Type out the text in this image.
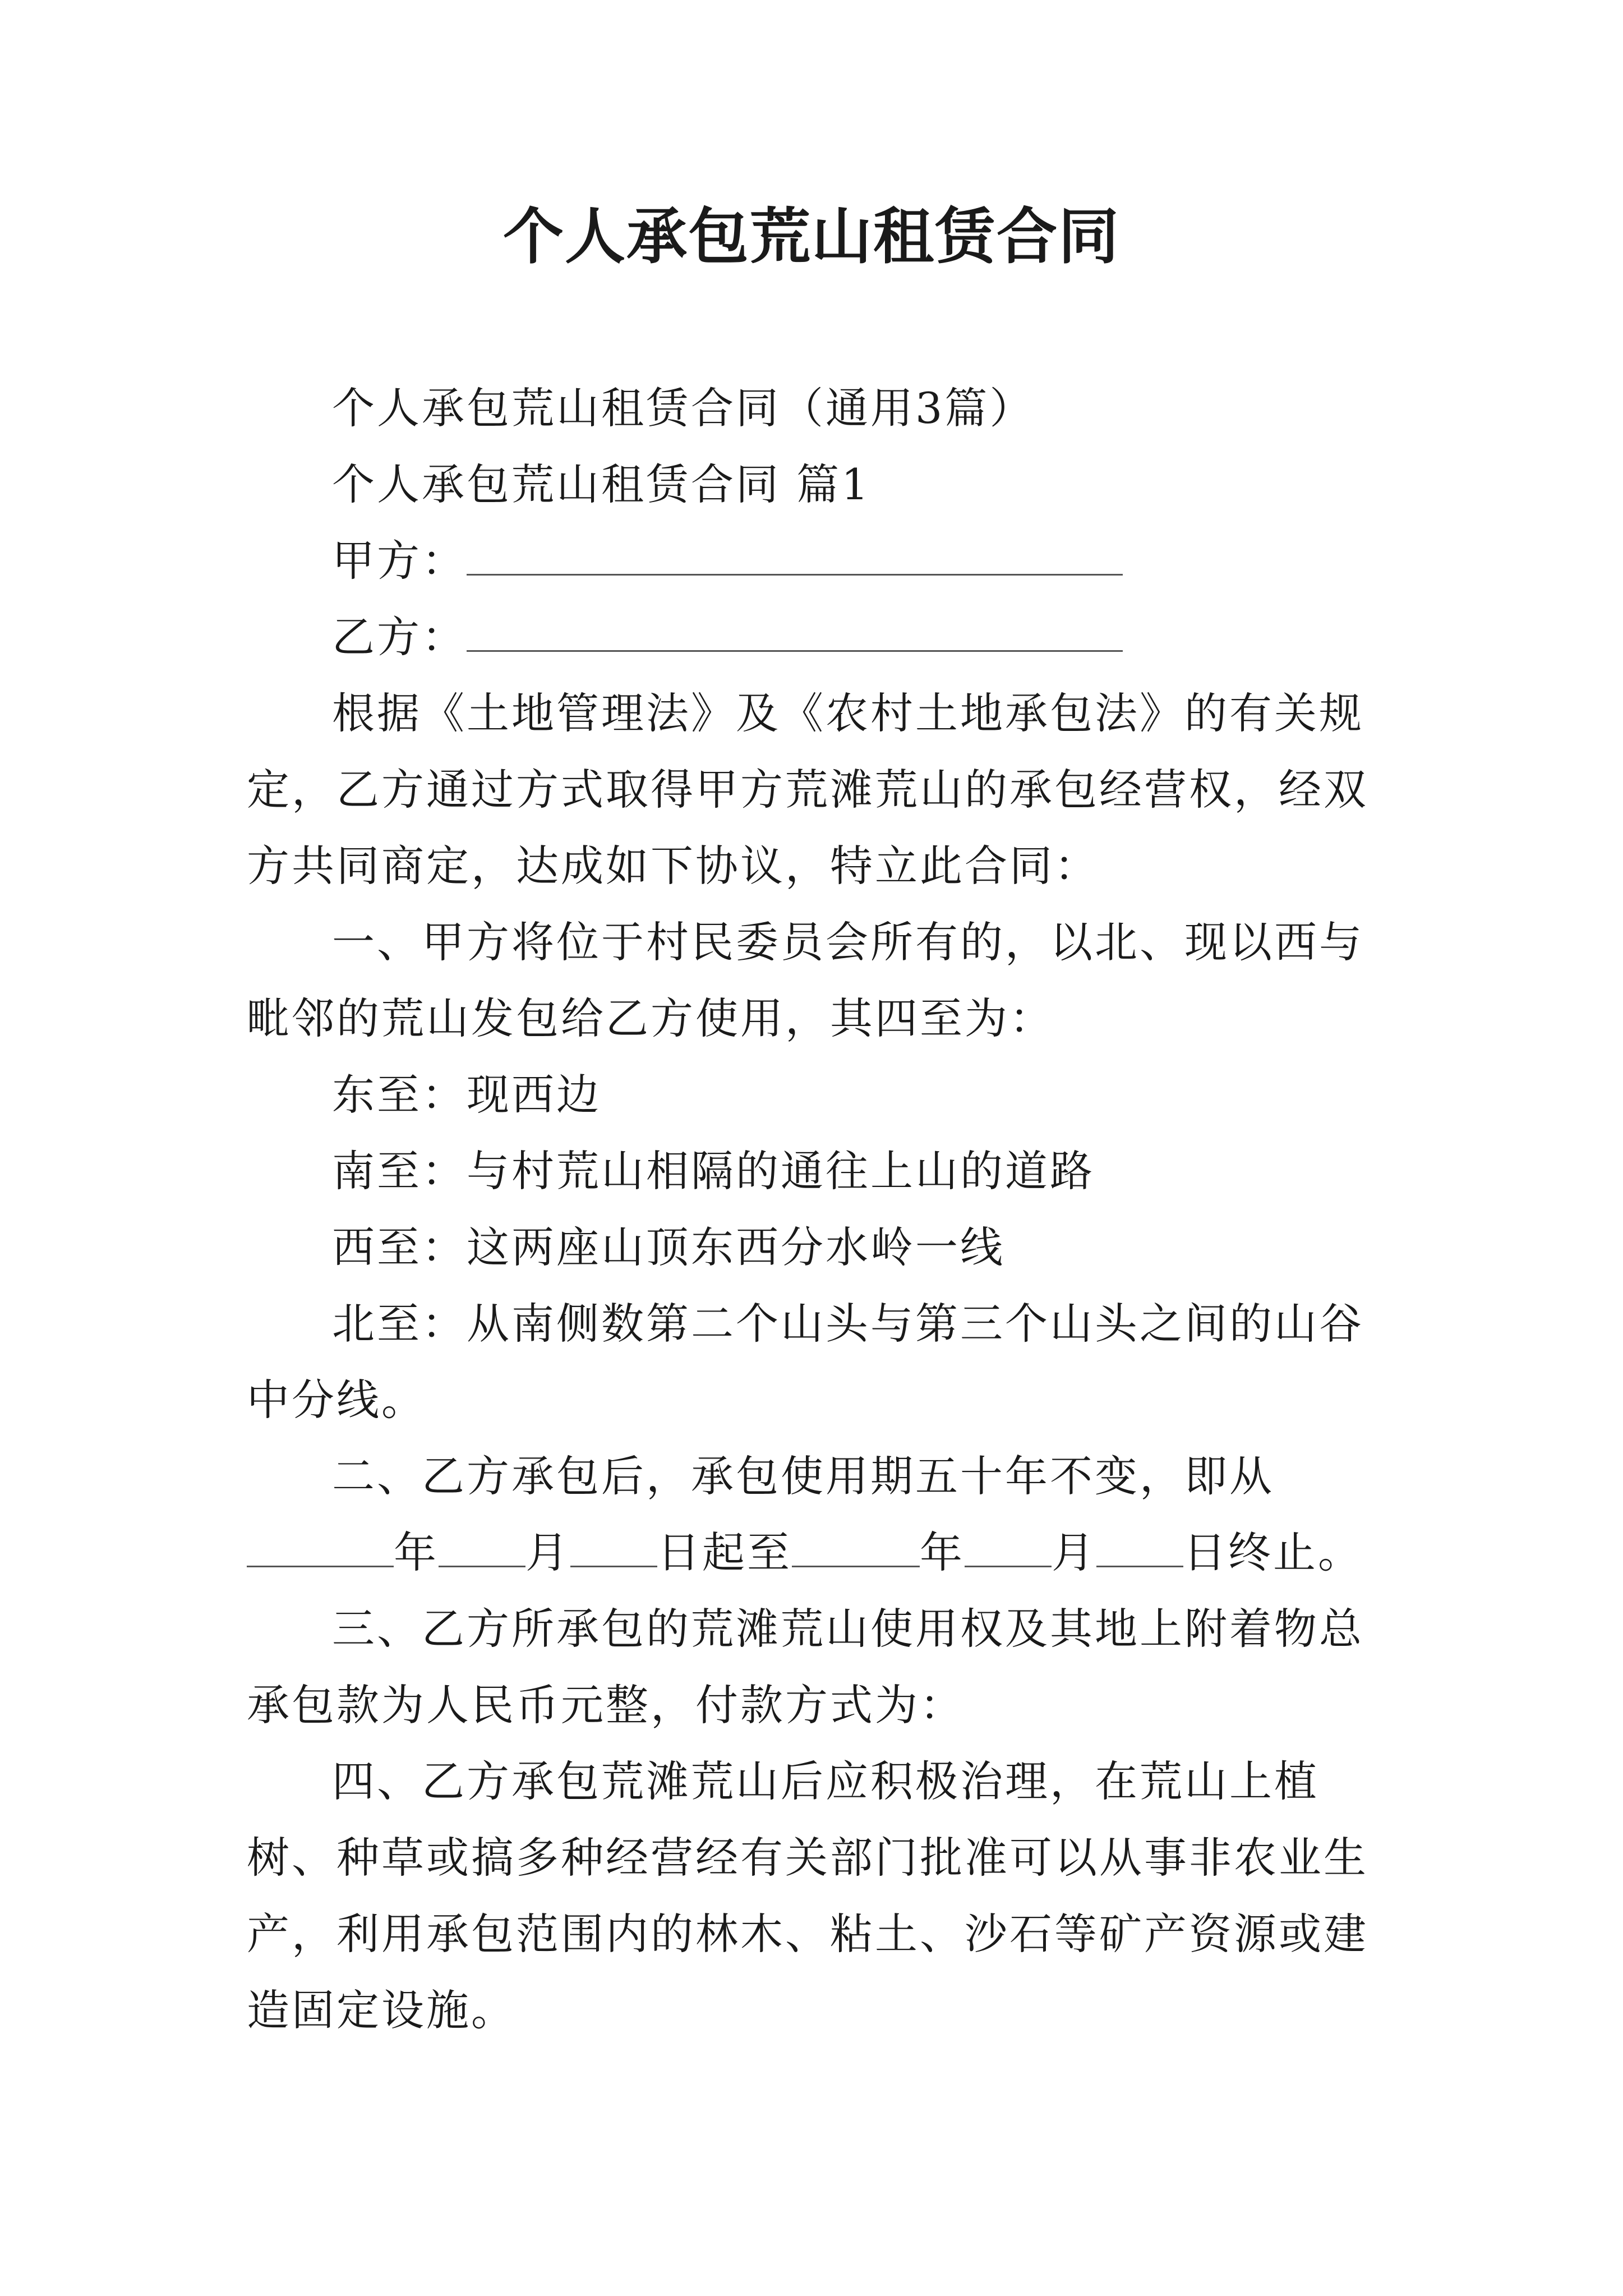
个人承包荒山租赁合同

个人承包荒山租赁合同（通用3篇）

个人承包荒山租赁合同 篇1

甲方：

乙方：

根据《土地管理法》及《农村土地承包法》的有关规定，乙方通过方式取得甲方荒滩荒山的承包经营权，经双方共同商定，达成如下协议，特立此合同：

一、甲方将位于村民委员会所有的，以北、现以西与毗邻的荒山发包给乙方使用，其四至为：

东至：现西边

南至：与村荒山相隔的通往上山的道路

西至：这两座山顶东西分水岭一线

北至：从南侧数第二个山头与第三个山头之间的山谷中分线。

二、乙方承包后，承包使用期五十年不变，即从年 月 日起至	年 月 日终止。

三、乙方所承包的荒滩荒山使用权及其地上附着物总承包款为人民币元整，付款方式为：

四、乙方承包荒滩荒山后应积极治理，在荒山上植树、种草或搞多种经营经有关部门批准可以从事非农业生产，利用承包范围内的林木、粘土、沙石等矿产资源或建造固定设施。
